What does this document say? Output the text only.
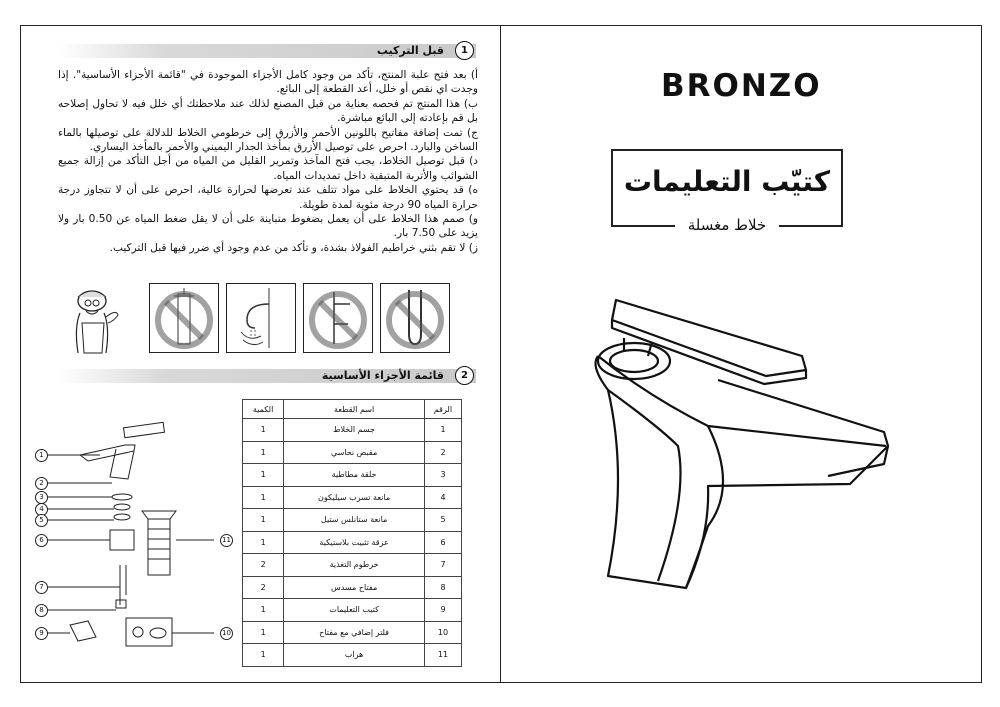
قبل التركيب	1

أ) بعد فتح علبة المنتج، تأكد من وجود كامل الأجزاء الموجودة في "قائمة الأجزاء الأساسية". إذا وجدت اي نقص أو خلل، أعد القطعة إلى البائع.

ب) هذا المنتج تم فحصه بعناية من قبل المصنع لذلك عند ملاحظتك أي خلل فيه لا تحاول إصلاحه بل قم بإعادته إلى البائع مباشرة.

ج) تمت إضافة مفاتيح باللونين الأحمر والأزرق إلى خرطومي الخلاط للدلالة على توصيلها بالماء الساخن والبارد. احرص على توصيل الأزرق بمأخذ الجدار اليميني والأحمر بالمأخذ اليساري.

د) قبل توصيل الخلاط، يجب فتح المآخذ وتمرير القليل من المياه من أجل التأكد من إزالة جميع الشوائب والأتربة المتبقية داخل تمديدات المياه.

ه) قد يحتوي الخلاط على مواد تتلف عند تعرضها لحرارة عالية، احرص على أن لا تتجاوز درجة حرارة المياه 90 درجة مئوية لمدة طويلة.

و) صمم هذا الخلاط على أن يعمل بضغوط متباينة على أن لا يقل ضغط المياه عن 0.50 بار ولا يزيد على 7.50 بار.

ز) لا تقم بثني خراطيم الفولاذ بشدة، و تأكد من عدم وجود أي ضرر فيها قبل التركيب.

قائمة الأجزاء الأساسية	2
1
2
3
4
5
6
7
8
9	10
11
الرقم	اسم القطعة	الكمية
1	جسم الخلاط	1
2	مقبض نحاسي	1
3	حلقة مطاطية	1
4	مانعة تسرب سيليكون	1
5	مانعة ستانلس ستيل	1
6	عزقة تثبيت بلاستيكية	1
7	خرطوم التغذية	2
8	مفتاح مسدس	2
9	كتيب التعليمات	1
10	فلتر إضافي مع مفتاح	1
11	هراب	1
BRONZO
كتيّب التعليمات
خلاط مغسلة
